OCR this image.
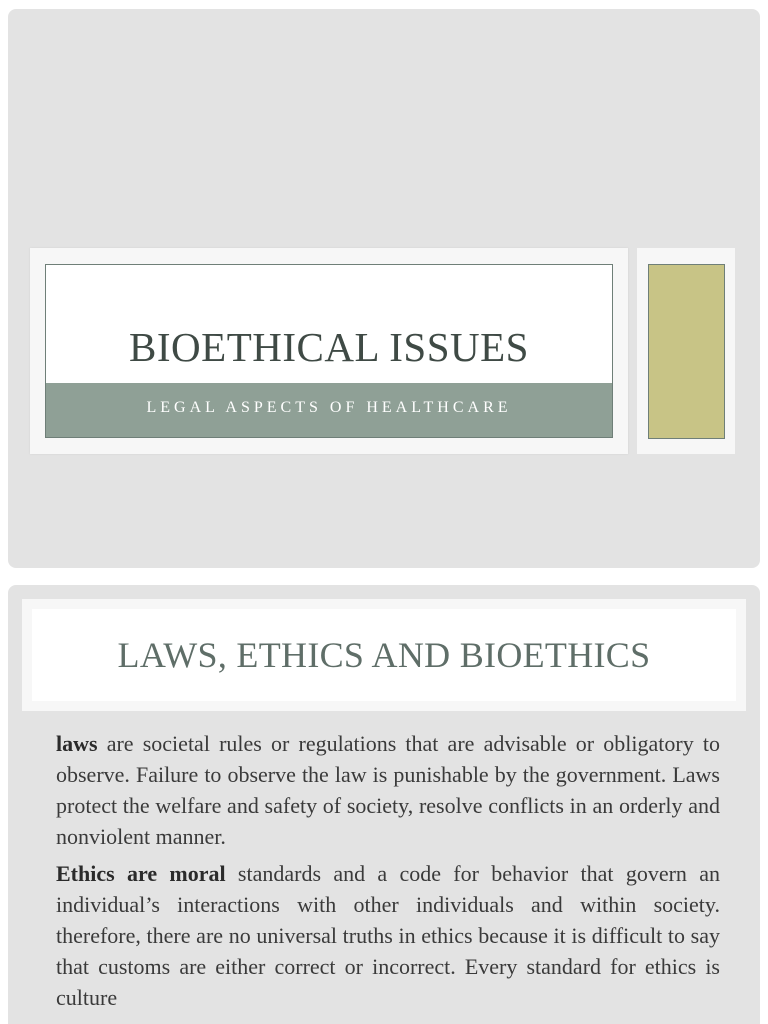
BIOETHICAL ISSUES
LEGAL ASPECTS OF HEALTHCARE
LAWS, ETHICS AND BIOETHICS

laws are societal rules or regulations that are advisable or obligatory to observe. Failure to observe the law is punishable by the government. Laws protect the welfare and safety of society, resolve conflicts in an orderly and nonviolent manner.

Ethics are moral standards and a code for behavior that govern an individual’s interactions with other individuals and within society. therefore, there are no universal truths in ethics because it is difficult to say that customs are either correct or incorrect. Every standard for ethics is culture
